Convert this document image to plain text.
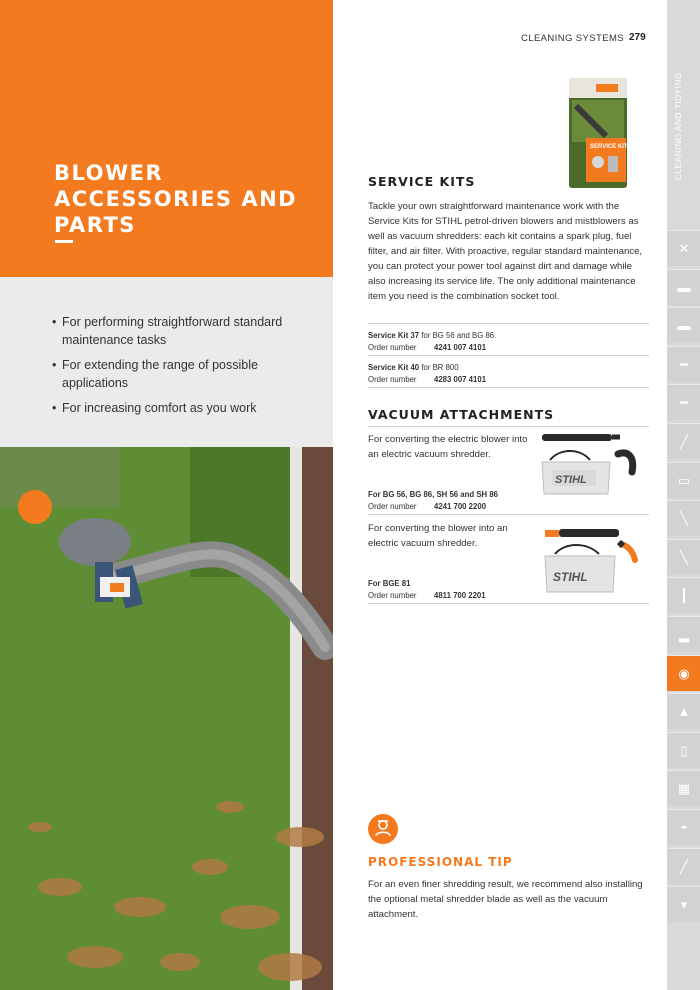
BLOWER
ACCESSORIES AND
PARTS
• For performing straightforward standard maintenance tasks
• For extending the range of possible applications
• For increasing comfort as you work
CLEANING SYSTEMS 279
SERVICE KIT
SERVICE KITS
Tackle your own straightforward maintenance work with the Service Kits for STIHL petrol-driven blowers and mistblowers as well as vacuum shredders: each kit contains a spark plug, fuel filter, and air filter. With proactive, regular standard maintenance, you can protect your power tool against dirt and damage while also increasing its service life. The only additional maintenance item you need is the combination socket tool.
Service Kit 37 for BG 56 and BG 86
Order number 4241 007 4101
Service Kit 40 for BR 800
Order number 4283 007 4101
VACUUM ATTACHMENTS
For converting the electric blower into an electric vacuum shredder.
STIHL
For BG 56, BG 86, SH 56 and SH 86
Order number 4241 700 2200
For converting the blower into an electric vacuum shredder.
STIHL
For BGE 81
Order number 4811 700 2201
PROFESSIONAL TIP
For an even finer shredding result, we recommend also installing the optional metal shredder blade as well as the vacuum attachment.
CLEANING AND TIDYING
✕
▬
▬
━
━
╱
▭
╲
╲
┃
▂
◉
▲
▯
▦
◓
╱
▾
